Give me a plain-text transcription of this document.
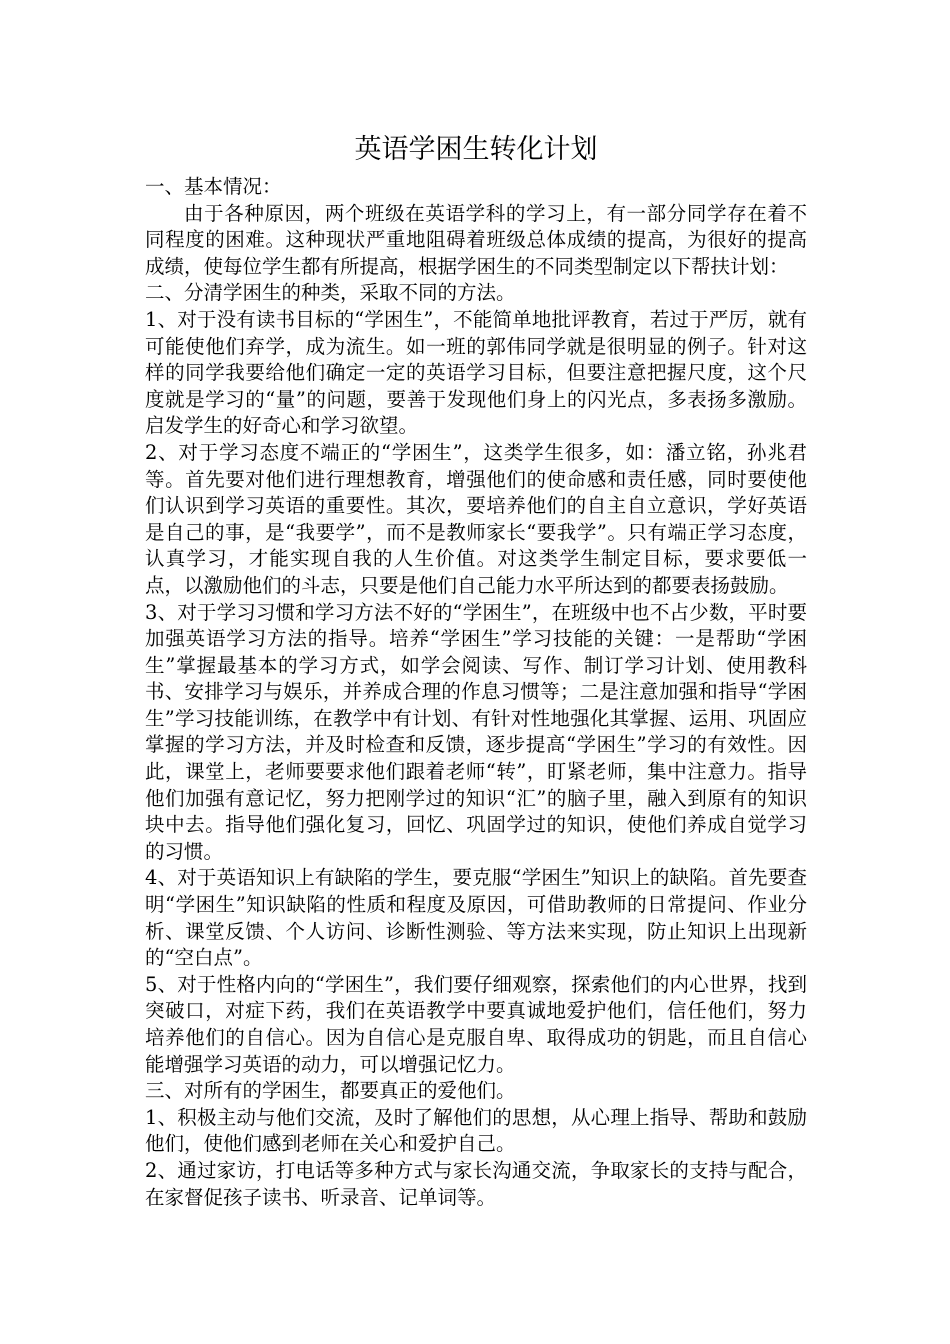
英语学困生转化计划

一、基本情况：

由于各种原因，两个班级在英语学科的学习上，有一部分同学存在着不同程度的困难。这种现状严重地阻碍着班级总体成绩的提高，为很好的提高成绩，使每位学生都有所提高，根据学困生的不同类型制定以下帮扶计划：

二、分清学困生的种类，采取不同的方法。

1、对于没有读书目标的“学困生”，不能简单地批评教育，若过于严厉，就有可能使他们弃学，成为流生。如一班的郭伟同学就是很明显的例子。针对这样的同学我要给他们确定一定的英语学习目标，但要注意把握尺度，这个尺度就是学习的“量”的问题，要善于发现他们身上的闪光点，多表扬多激励。启发学生的好奇心和学习欲望。

2、对于学习态度不端正的“学困生”，这类学生很多，如：潘立铭，孙兆君等。首先要对他们进行理想教育，增强他们的使命感和责任感，同时要使他们认识到学习英语的重要性。其次，要培养他们的自主自立意识，学好英语是自己的事，是“我要学”，而不是教师家长“要我学”。只有端正学习态度，认真学习，才能实现自我的人生价值。对这类学生制定目标，要求要低一点，以激励他们的斗志，只要是他们自己能力水平所达到的都要表扬鼓励。

3、对于学习习惯和学习方法不好的“学困生”，在班级中也不占少数，平时要加强英语学习方法的指导。培养“学困生”学习技能的关键：一是帮助“学困生”掌握最基本的学习方式，如学会阅读、写作、制订学习计划、使用教科书、安排学习与娱乐，并养成合理的作息习惯等；二是注意加强和指导“学困生”学习技能训练，在教学中有计划、有针对性地强化其掌握、运用、巩固应掌握的学习方法，并及时检查和反馈，逐步提高“学困生”学习的有效性。因此，课堂上，老师要要求他们跟着老师“转”，盯紧老师，集中注意力。指导他们加强有意记忆，努力把刚学过的知识“汇”的脑子里，融入到原有的知识块中去。指导他们强化复习，回忆、巩固学过的知识，使他们养成自觉学习的习惯。

4、对于英语知识上有缺陷的学生，要克服“学困生”知识上的缺陷。首先要查明“学困生”知识缺陷的性质和程度及原因，可借助教师的日常提问、作业分析、课堂反馈、个人访问、诊断性测验、等方法来实现，防止知识上出现新的“空白点”。

5、对于性格内向的“学困生”，我们要仔细观察，探索他们的内心世界，找到突破口，对症下药，我们在英语教学中要真诚地爱护他们，信任他们，努力培养他们的自信心。因为自信心是克服自卑、取得成功的钥匙，而且自信心能增强学习英语的动力，可以增强记忆力。

三、对所有的学困生，都要真正的爱他们。

1、积极主动与他们交流，及时了解他们的思想，从心理上指导、帮助和鼓励他们，使他们感到老师在关心和爱护自己。

2、通过家访，打电话等多种方式与家长沟通交流，争取家长的支持与配合，在家督促孩子读书、听录音、记单词等。
